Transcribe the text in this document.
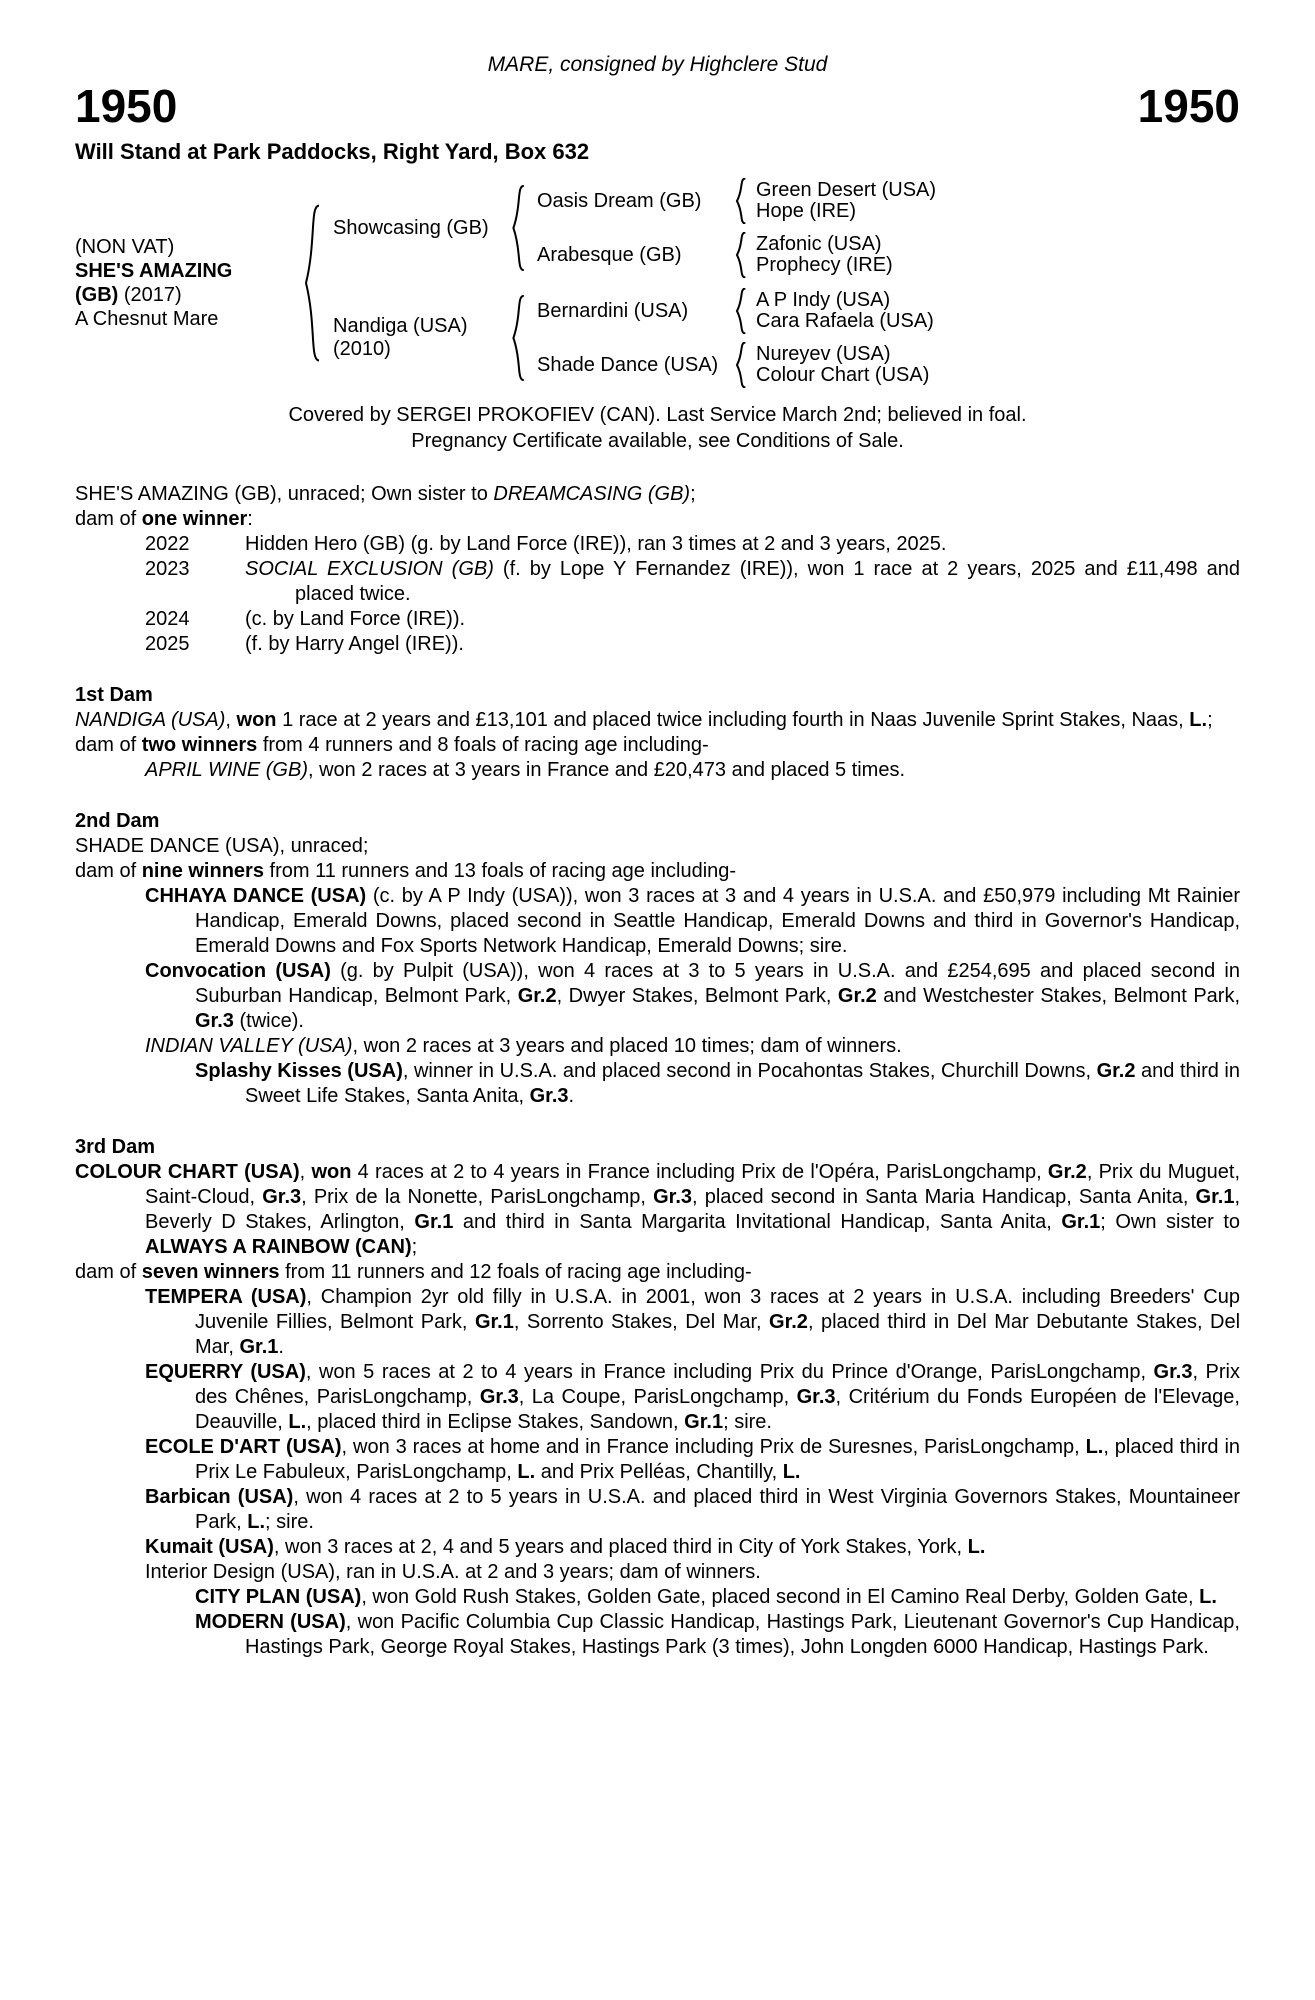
MARE, consigned by Highclere Stud
1950	1950
Will Stand at Park Paddocks, Right Yard, Box 632
(NON VAT)
SHE'S AMAZING
(GB) (2017)
A Chesnut Mare
Showcasing (GB)
Oasis Dream (GB)	Green Desert (USA)
Hope (IRE)
Arabesque (GB)	Zafonic (USA)
Prophecy (IRE)
Nandiga (USA)
(2010)
Bernardini (USA)	A P Indy (USA)
Cara Rafaela (USA)
Shade Dance (USA)	Nureyev (USA)
Colour Chart (USA)
Covered by SERGEI PROKOFIEV (CAN). Last Service March 2nd; believed in foal.
Pregnancy Certificate available, see Conditions of Sale.
SHE'S AMAZING (GB), unraced; Own sister to DREAMCASING (GB);
dam of one winner:
2022	Hidden Hero (GB) (g. by Land Force (IRE)), ran 3 times at 2 and 3 years, 2025.
2023	SOCIAL EXCLUSION (GB) (f. by Lope Y Fernandez (IRE)), won 1 race at 2 years, 2025 and £11,498 and placed twice.
2024	(c. by Land Force (IRE)).
2025	(f. by Harry Angel (IRE)).
1st Dam
NANDIGA (USA), won 1 race at 2 years and £13,101 and placed twice including fourth in Naas Juvenile Sprint Stakes, Naas, L.;
dam of two winners from 4 runners and 8 foals of racing age including-
APRIL WINE (GB), won 2 races at 3 years in France and £20,473 and placed 5 times.
2nd Dam
SHADE DANCE (USA), unraced;
dam of nine winners from 11 runners and 13 foals of racing age including-
CHHAYA DANCE (USA) (c. by A P Indy (USA)), won 3 races at 3 and 4 years in U.S.A. and £50,979 including Mt Rainier Handicap, Emerald Downs, placed second in Seattle Handicap, Emerald Downs and third in Governor's Handicap, Emerald Downs and Fox Sports Network Handicap, Emerald Downs; sire.
Convocation (USA) (g. by Pulpit (USA)), won 4 races at 3 to 5 years in U.S.A. and £254,695 and placed second in Suburban Handicap, Belmont Park, Gr.2, Dwyer Stakes, Belmont Park, Gr.2 and Westchester Stakes, Belmont Park, Gr.3 (twice).
INDIAN VALLEY (USA), won 2 races at 3 years and placed 10 times; dam of winners.
Splashy Kisses (USA), winner in U.S.A. and placed second in Pocahontas Stakes, Churchill Downs, Gr.2 and third in Sweet Life Stakes, Santa Anita, Gr.3.
3rd Dam
COLOUR CHART (USA), won 4 races at 2 to 4 years in France including Prix de l'Opéra, ParisLongchamp, Gr.2, Prix du Muguet, Saint-Cloud, Gr.3, Prix de la Nonette, ParisLongchamp, Gr.3, placed second in Santa Maria Handicap, Santa Anita, Gr.1, Beverly D Stakes, Arlington, Gr.1 and third in Santa Margarita Invitational Handicap, Santa Anita, Gr.1; Own sister to ALWAYS A RAINBOW (CAN);
dam of seven winners from 11 runners and 12 foals of racing age including-
TEMPERA (USA), Champion 2yr old filly in U.S.A. in 2001, won 3 races at 2 years in U.S.A. including Breeders' Cup Juvenile Fillies, Belmont Park, Gr.1, Sorrento Stakes, Del Mar, Gr.2, placed third in Del Mar Debutante Stakes, Del Mar, Gr.1.
EQUERRY (USA), won 5 races at 2 to 4 years in France including Prix du Prince d'Orange, ParisLongchamp, Gr.3, Prix des Chênes, ParisLongchamp, Gr.3, La Coupe, ParisLongchamp, Gr.3, Critérium du Fonds Européen de l'Elevage, Deauville, L., placed third in Eclipse Stakes, Sandown, Gr.1; sire.
ECOLE D'ART (USA), won 3 races at home and in France including Prix de Suresnes, ParisLongchamp, L., placed third in Prix Le Fabuleux, ParisLongchamp, L. and Prix Pelléas, Chantilly, L.
Barbican (USA), won 4 races at 2 to 5 years in U.S.A. and placed third in West Virginia Governors Stakes, Mountaineer Park, L.; sire.
Kumait (USA), won 3 races at 2, 4 and 5 years and placed third in City of York Stakes, York, L.
Interior Design (USA), ran in U.S.A. at 2 and 3 years; dam of winners.
CITY PLAN (USA), won Gold Rush Stakes, Golden Gate, placed second in El Camino Real Derby, Golden Gate, L.
MODERN (USA), won Pacific Columbia Cup Classic Handicap, Hastings Park, Lieutenant Governor's Cup Handicap, Hastings Park, George Royal Stakes, Hastings Park (3 times), John Longden 6000 Handicap, Hastings Park.
